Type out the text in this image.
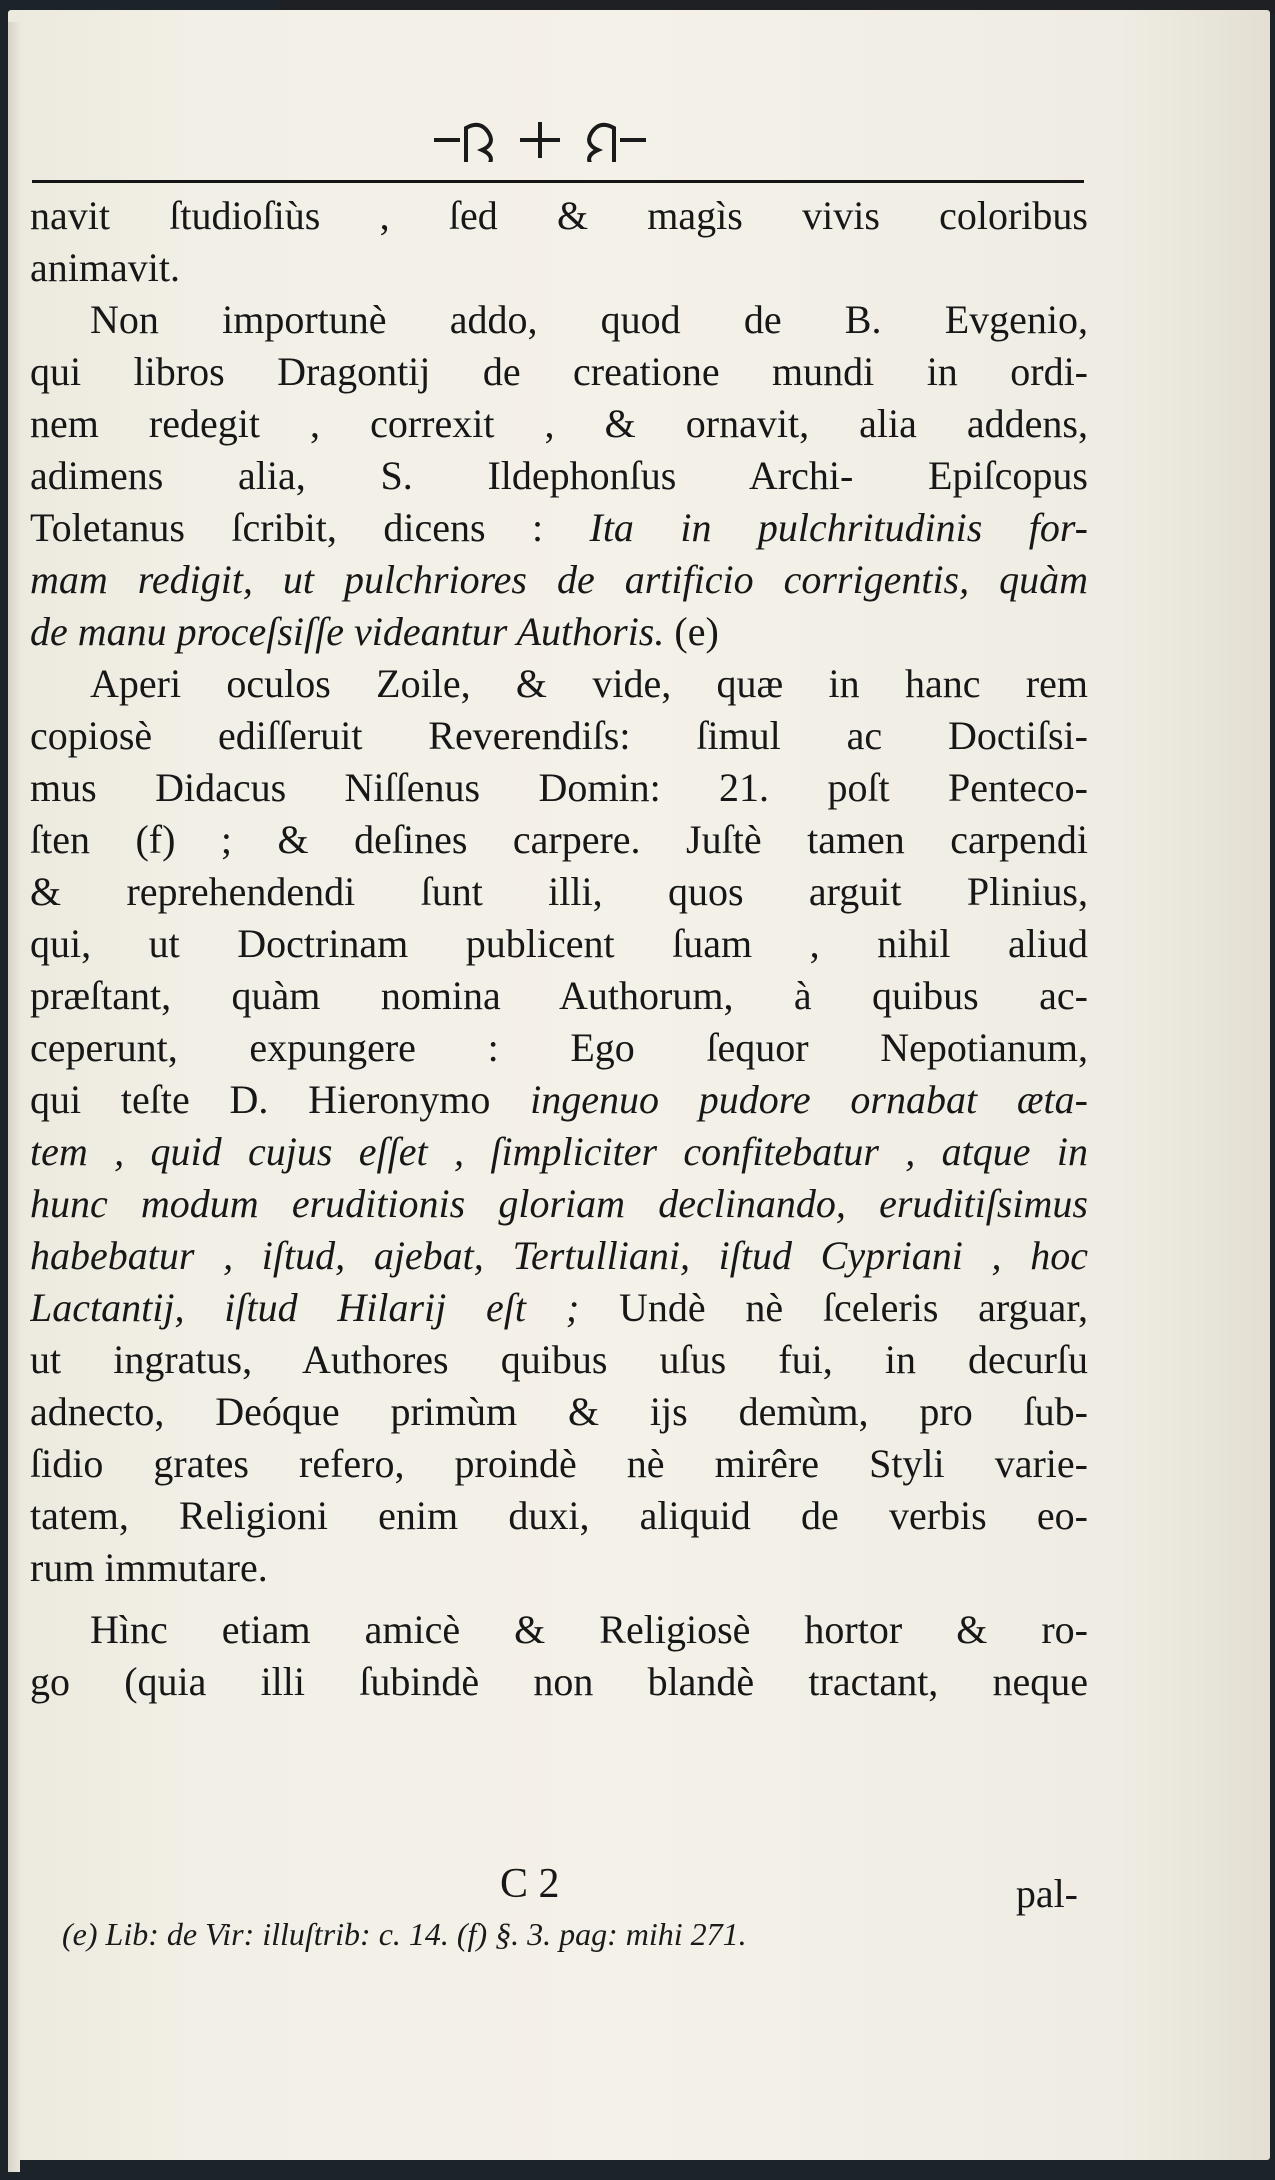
navit ſtudioſiùs , ſed & magìs vivis coloribus
animavit.
Non importunè addo, quod de B. Evgenio,
qui libros Dragontij de creatione mundi in ordi-
nem redegit , correxit , & ornavit, alia addens,
adimens alia, S. Ildephonſus Archi- Epiſcopus
Toletanus ſcribit, dicens : Ita in pulchritudinis for-
mam redigit, ut pulchriores de artificio corrigentis, quàm
de manu proceſsiſſe videantur Authoris. (e)
Aperi oculos Zoile, & vide, quæ in hanc rem
copiosè ediſſeruit Reverendiſs: ſimul ac Doctiſsi-
mus Didacus Niſſenus Domin: 21. poſt Penteco-
ſten (f) ; & deſines carpere. Juſtè tamen carpendi
& reprehendendi ſunt illi, quos arguit Plinius,
qui, ut Doctrinam publicent ſuam , nihil aliud
præſtant, quàm nomina Authorum, à quibus ac-
ceperunt, expungere : Ego ſequor Nepotianum,
qui teſte D. Hieronymo ingenuo pudore ornabat æta-
tem , quid cujus eſſet , ſimpliciter confitebatur , atque in
hunc modum eruditionis gloriam declinando, eruditiſsimus
habebatur , iſtud, ajebat, Tertulliani, iſtud Cypriani , hoc
Lactantij, iſtud Hilarij eſt ; Undè nè ſceleris arguar,
ut ingratus, Authores quibus uſus fui, in decurſu
adnecto, Deóque primùm & ijs demùm, pro ſub-
ſidio grates refero, proindè nè mirêre Styli varie-
tatem, Religioni enim duxi, aliquid de verbis eo-
rum immutare.
Hìnc etiam amicè & Religiosè hortor & ro-
go (quia illi ſubindè non blandè tractant, neque
C 2	pal-
(e) Lib: de Vir: illuſtrib: c. 14. (f) §. 3. pag: mihi 271.
